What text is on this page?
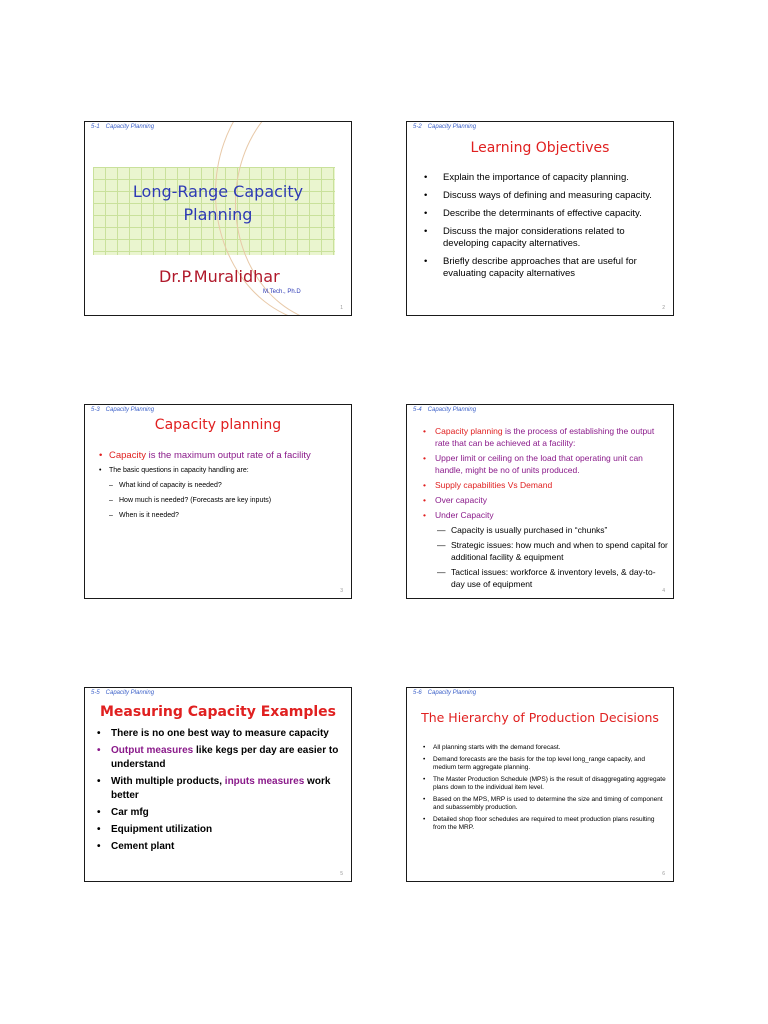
5-1 Capacity Planning
Long-Range Capacity
Planning
Dr.P.Muralidhar
M.Tech., Ph.D
1
5-2 Capacity Planning
Learning Objectives
• Explain the importance of capacity planning.
• Discuss ways of defining and measuring capacity.
• Describe the determinants of effective capacity.
• Discuss the major considerations related to developing capacity alternatives.
• Briefly describe approaches that are useful for evaluating capacity alternatives
2
5-3 Capacity Planning
Capacity planning
• Capacity is the maximum output rate of a facility
• The basic questions in capacity handling are:
– What kind of capacity is needed?
– How much is needed? (Forecasts are key inputs)
– When is it needed?
3
5-4 Capacity Planning
• Capacity planning is the process of establishing the output rate that can be achieved at a facility:
• Upper limit or ceiling on the load that operating unit can handle, might be no of units produced.
• Supply capabilities Vs Demand
• Over capacity
• Under Capacity
— Capacity is usually purchased in “chunks”
— Strategic issues: how much and when to spend capital for additional facility & equipment
— Tactical issues: workforce & inventory levels, & day-to-day use of equipment
4
5-5 Capacity Planning
Measuring Capacity Examples
• There is no one best way to measure capacity
• Output measures like kegs per day are easier to understand
• With multiple products, inputs measures work better
• Car mfg
• Equipment utilization
• Cement plant
5
5-6 Capacity Planning
The Hierarchy of Production Decisions
• All planning starts with the demand forecast.
• Demand forecasts are the basis for the top level long_range capacity, and medium term aggregate planning.
• The Master Production Schedule (MPS) is the result of disaggregating aggregate plans down to the individual item level.
• Based on the MPS, MRP is used to determine the size and timing of component and subassembly production.
• Detailed shop floor schedules are required to meet production plans resulting from the MRP.
6
